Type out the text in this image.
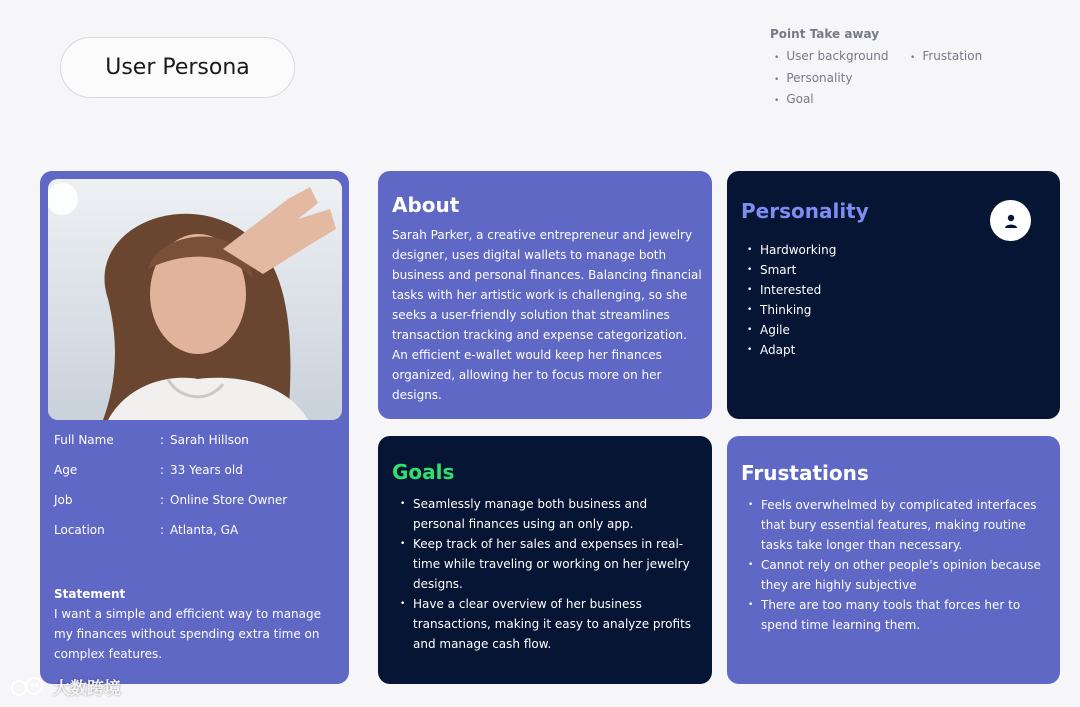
User Persona
Point Take away
• User background
• Personality
• Goal
• Frustation
Full Name	: Sarah Hillson
Age	: 33 Years old
Job	: Online Store Owner
Location	: Atlanta, GA
Statement
I want a simple and efficient way to manage my finances without spending extra time on complex features.
About

Sarah Parker, a creative entrepreneur and jewelry designer, uses digital wallets to manage both business and personal finances. Balancing financial tasks with her artistic work is challenging, so she seeks a user-friendly solution that streamlines transaction tracking and expense categorization. An efficient e-wallet would keep her finances organized, allowing her to focus more on her designs.

Personality
• Hardworking
• Smart
• Interested
• Thinking
• Agile
• Adapt
Goals
• Seamlessly manage both business and personal finances using an only app.
• Keep track of her sales and expenses in real-time while traveling or working on her jewelry designs.
• Have a clear overview of her business transactions, making it easy to analyze profits and manage cash flow.
Frustations
• Feels overwhelmed by complicated interfaces that bury essential features, making routine tasks take longer than necessary.
• Cannot rely on other people's opinion because they are highly subjective
• There are too many tools that forces her to spend time learning them.
大数跨境
